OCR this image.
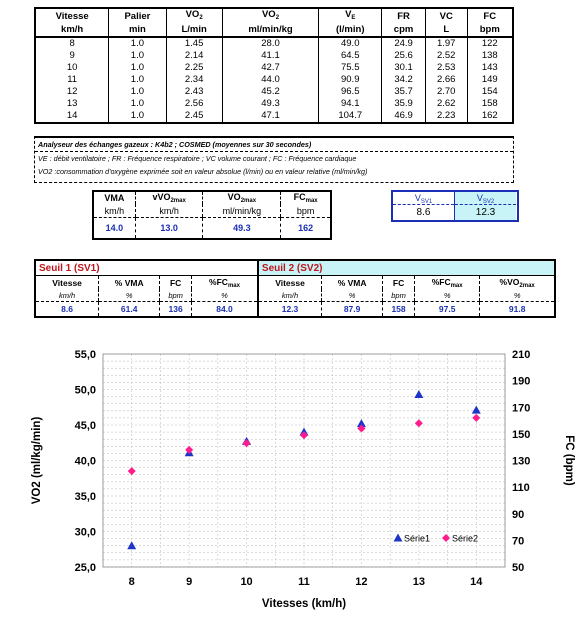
Vitesse	Palier	$VO_2$	$VO_2$	$V_E$	FR	VC	FC
km/h	min	L/min	ml/min/kg	(l/min)	cpm	L	bpm
8	1.0	1.45	28.0	49.0	24.9	1.97	122
9	1.0	2.14	41.1	64.5	25.6	2.52	138
10	1.0	2.25	42.7	75.5	30.1	2.53	143
11	1.0	2.34	44.0	90.9	34.2	2.66	149
12	1.0	2.43	45.2	96.5	35.7	2.70	154
13	1.0	2.56	49.3	94.1	35.9	2.62	158
14	1.0	2.45	47.1	104.7	46.9	2.23	162
Analyseur des échanges gazeux : K4b2 ; COSMED (moyennes sur 30 secondes)
VE : débit ventilatoire ; FR : Fréquence respiratoire ; VC volume courant ; FC : Fréquence cardiaque
VO2 :consommation d'oxygène exprimée soit en valeur absolue (l/min) ou en valeur relative (ml/min/kg)
VMA	vVO$_{2max}$	$VO_{2max}$	$FC_{max}$
km/h	km/h	ml/min/kg	bpm
14.0	13.0	49.3	162
$V_{SV1}$
8.6
$V_{SV2}$
12.3
Seuil 1 (SV1)				Seuil 2 (SV2)				
Vitesse	% VMA	FC	$\%FC_{max}$	Vitesse	% VMA	FC	$\%FC_{max}$	$\%VO_{2max}$
km/h	%	bpm	%	km/h	%	bpm	%	%
8.6	61.4	136	84.0	12.3	87.9	158	97.5	91.8
55,0
50,0
45,0
40,0
35,0
30,0
25,0
210
190
170
150
130
110
90
70
50
8	9	10	11	12	13	14
Vitesses (km/h)
VO2 (ml/kg/min)	FC (bpm)
Série1 Série2
